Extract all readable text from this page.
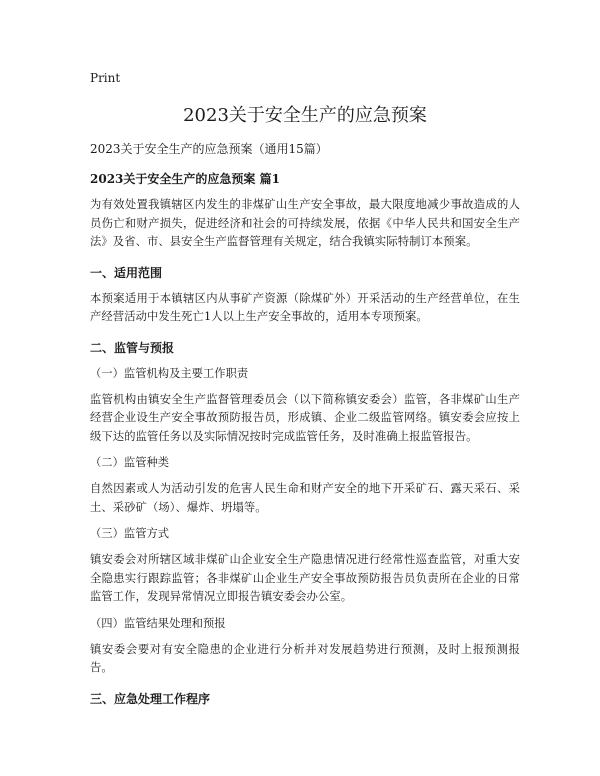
Print

2023关于安全生产的应急预案

2023关于安全生产的应急预案（通用15篇）

2023关于安全生产的应急预案 篇1

为有效处置我镇辖区内发生的非煤矿山生产安全事故，最大限度地减少事故造成的人员伤亡和财产损失，促进经济和社会的可持续发展，依据《中华人民共和国安全生产法》及省、市、县安全生产监督管理有关规定，结合我镇实际特制订本预案。

一、适用范围

本预案适用于本镇辖区内从事矿产资源（除煤矿外）开采活动的生产经营单位，在生产经营活动中发生死亡1人以上生产安全事故的，适用本专项预案。

二、监管与预报

（一）监管机构及主要工作职责

监管机构由镇安全生产监督管理委员会（以下简称镇安委会）监管，各非煤矿山生产经营企业设生产安全事故预防报告员，形成镇、企业二级监管网络。镇安委会应按上级下达的监管任务以及实际情况按时完成监管任务，及时准确上报监管报告。

（二）监管种类

自然因素或人为活动引发的危害人民生命和财产安全的地下开采矿石、露天采石、采土、采砂矿（场）、爆炸、坍塌等。

（三）监管方式

镇安委会对所辖区域非煤矿山企业安全生产隐患情况进行经常性巡查监管，对重大安全隐患实行跟踪监管；各非煤矿山企业生产安全事故预防报告员负责所在企业的日常监管工作，发现异常情况立即报告镇安委会办公室。

（四）监管结果处理和预报

镇安委会要对有安全隐患的企业进行分析并对发展趋势进行预测，及时上报预测报告。

三、应急处理工作程序
